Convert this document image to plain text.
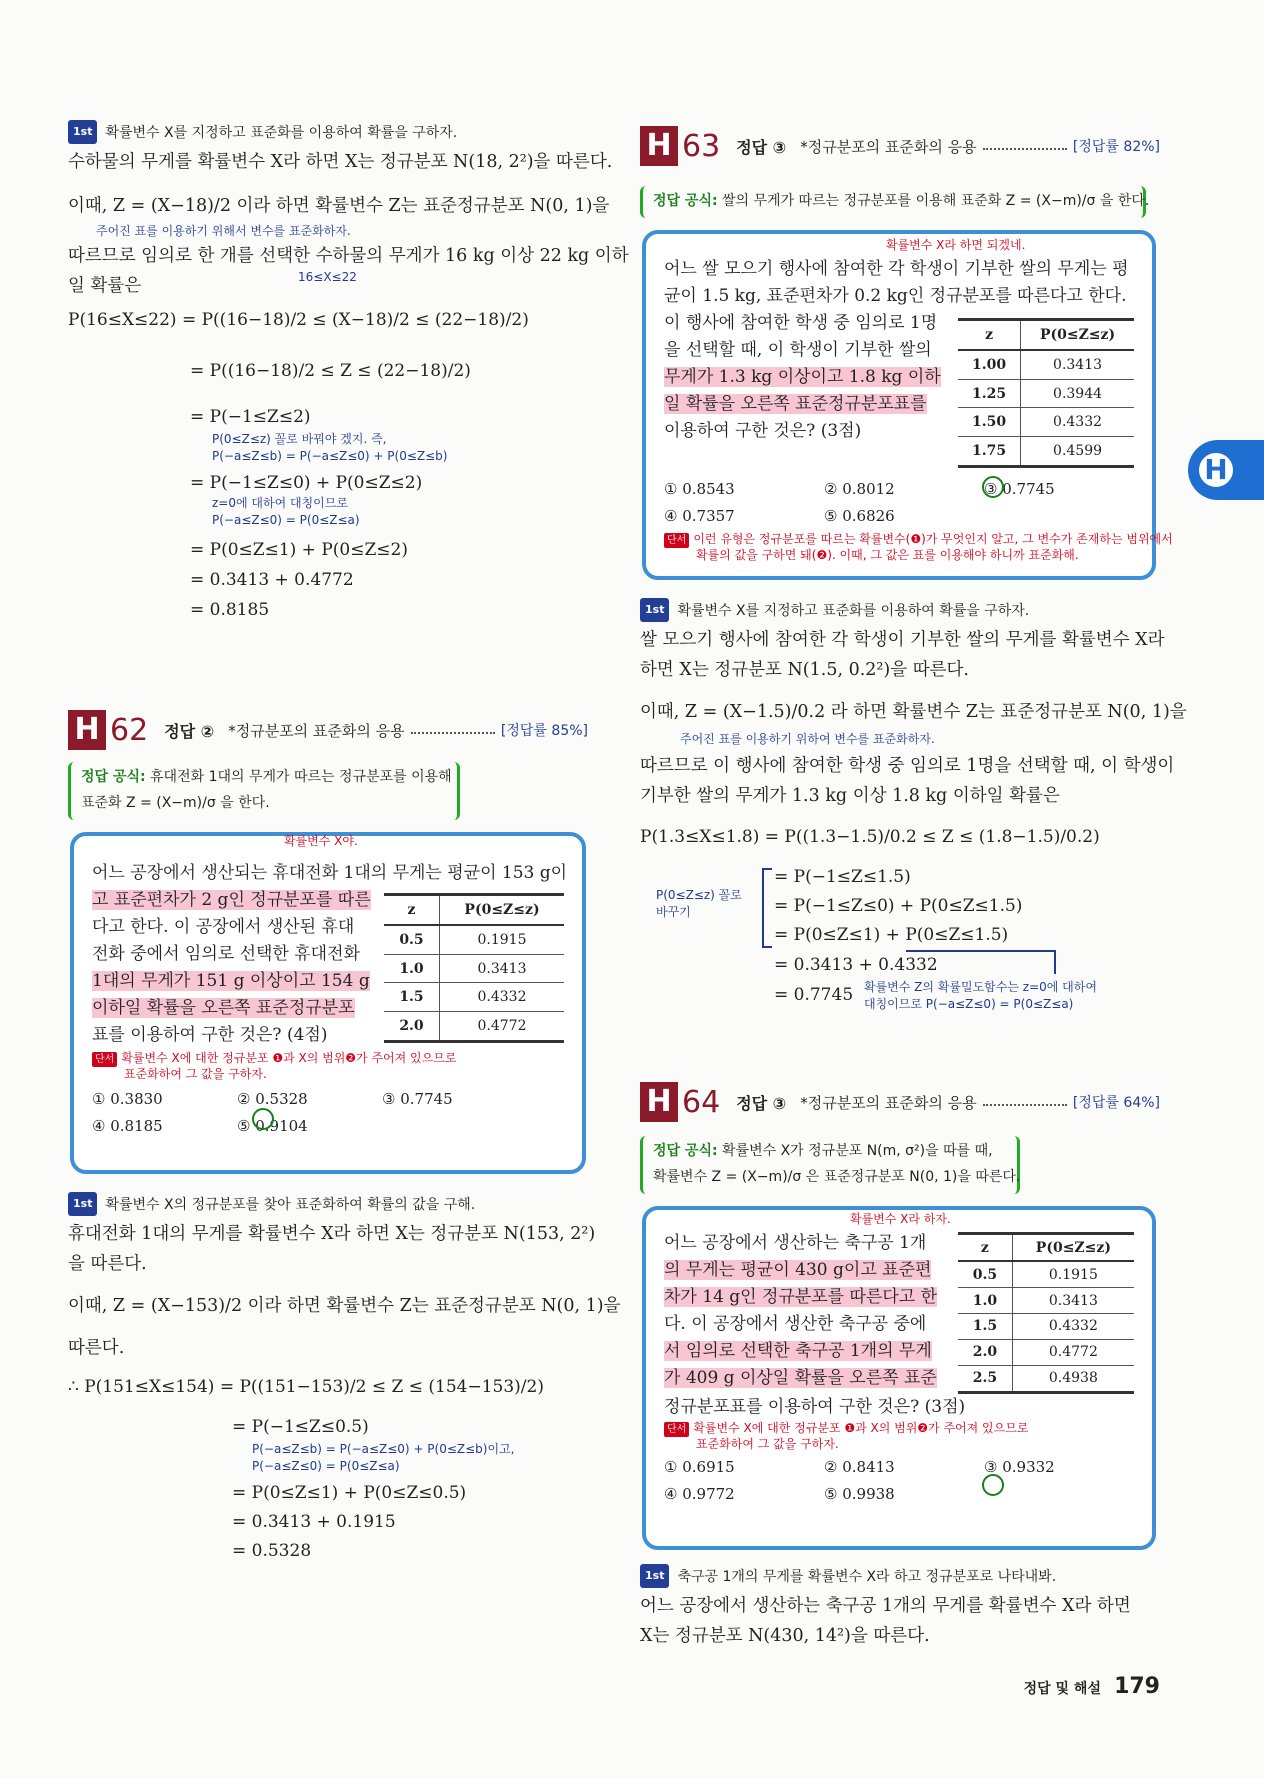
1st 확률변수 X를 지정하고 표준화를 이용하여 확률을 구하자.
수하물의 무게를 확률변수 X라 하면 X는 정규분포 N(18, 2²)을 따른다.
이때, Z = (X−18)/2 이라 하면 확률변수 Z는 표준정규분포 N(0, 1)을
주어진 표를 이용하기 위해서 변수를 표준화하자.
따르므로 임의로 한 개를 선택한 수하물의 무게가 16 kg 이상 22 kg 이하
16≤X≤22
일 확률은
P(16≤X≤22) = P((16−18)/2 ≤ (X−18)/2 ≤ (22−18)/2)
= P((16−18)/2 ≤ Z ≤ (22−18)/2)
= P(−1≤Z≤2)
P(0≤Z≤z) 꼴로 바꿔야 겠지. 즉,
P(−a≤Z≤b) = P(−a≤Z≤0) + P(0≤Z≤b)
= P(−1≤Z≤0) + P(0≤Z≤2)
z=0에 대하여 대칭이므로
P(−a≤Z≤0) = P(0≤Z≤a)
= P(0≤Z≤1) + P(0≤Z≤2)
= 0.3413 + 0.4772
= 0.8185
H 62 정답 ② *정규분포의 표준화의 응용	[정답률 85%]
정답 공식: 휴대전화 1대의 무게가 따르는 정규분포를 이용해
표준화 Z = (X−m)/σ 을 한다.
확률변수 X야.
어느 공장에서 생산되는 휴대전화 1대의 무게는 평균이 153 g이
고 표준편차가 2 g인 정규분포를 따른
다고 한다. 이 공장에서 생산된 휴대
전화 중에서 임의로 선택한 휴대전화
1대의 무게가 151 g 이상이고 154 g
이하일 확률을 오른쪽 표준정규분포
표를 이용하여 구한 것은? (4점)
z	P(0≤Z≤z)
0.5	0.1915
1.0	0.3413
1.5	0.4332
2.0	0.4772
단서 확률변수 X에 대한 정규분포 ❶과 X의 범위❷가 주어져 있으므로
표준화하여 그 값을 구하자.
① 0.3830	② 0.5328	③ 0.7745
④ 0.8185	⑤ 0.9104
1st 확률변수 X의 정규분포를 찾아 표준화하여 확률의 값을 구해.
휴대전화 1대의 무게를 확률변수 X라 하면 X는 정규분포 N(153, 2²)
을 따른다.
이때, Z = (X−153)/2 이라 하면 확률변수 Z는 표준정규분포 N(0, 1)을
따른다.
∴ P(151≤X≤154) = P((151−153)/2 ≤ Z ≤ (154−153)/2)
= P(−1≤Z≤0.5)
P(−a≤Z≤b) = P(−a≤Z≤0) + P(0≤Z≤b)이고,
P(−a≤Z≤0) = P(0≤Z≤a)
= P(0≤Z≤1) + P(0≤Z≤0.5)
= 0.3413 + 0.1915
= 0.5328
H 63 정답 ③ *정규분포의 표준화의 응용	[정답률 82%]
정답 공식: 쌀의 무게가 따르는 정규분포를 이용해 표준화 Z = (X−m)/σ 을 한다.
확률변수 X라 하면 되겠네.
어느 쌀 모으기 행사에 참여한 각 학생이 기부한 쌀의 무게는 평
균이 1.5 kg, 표준편차가 0.2 kg인 정규분포를 따른다고 한다.
이 행사에 참여한 학생 중 임의로 1명
을 선택할 때, 이 학생이 기부한 쌀의
무게가 1.3 kg 이상이고 1.8 kg 이하
일 확률을 오른쪽 표준정규분포표를
이용하여 구한 것은? (3점)
z	P(0≤Z≤z)
1.00	0.3413
1.25	0.3944
1.50	0.4332
1.75	0.4599
① 0.8543	② 0.8012	③ 0.7745
④ 0.7357	⑤ 0.6826
단서 이런 유형은 정규분포를 따르는 확률변수(❶)가 무엇인지 알고, 그 변수가 존재하는 범위에서
확률의 값을 구하면 돼(❷). 이때, 그 값은 표를 이용해야 하니까 표준화해.
1st 확률변수 X를 지정하고 표준화를 이용하여 확률을 구하자.
쌀 모으기 행사에 참여한 각 학생이 기부한 쌀의 무게를 확률변수 X라
하면 X는 정규분포 N(1.5, 0.2²)을 따른다.
이때, Z = (X−1.5)/0.2 라 하면 확률변수 Z는 표준정규분포 N(0, 1)을
주어진 표를 이용하기 위하여 변수를 표준화하자.
따르므로 이 행사에 참여한 학생 중 임의로 1명을 선택할 때, 이 학생이
기부한 쌀의 무게가 1.3 kg 이상 1.8 kg 이하일 확률은
P(1.3≤X≤1.8) = P((1.3−1.5)/0.2 ≤ Z ≤ (1.8−1.5)/0.2)
P(0≤Z≤z) 꼴로
바꾸기
= P(−1≤Z≤1.5)
= P(−1≤Z≤0) + P(0≤Z≤1.5)
= P(0≤Z≤1) + P(0≤Z≤1.5)
= 0.3413 + 0.4332
= 0.7745 확률변수 Z의 확률밀도함수는 z=0에 대하여
대칭이므로 P(−a≤Z≤0) = P(0≤Z≤a)
H 64 정답 ③ *정규분포의 표준화의 응용	[정답률 64%]
정답 공식: 확률변수 X가 정규분포 N(m, σ²)을 따를 때,
확률변수 Z = (X−m)/σ 은 표준정규분포 N(0, 1)을 따른다.
확률변수 X라 하자.
어느 공장에서 생산하는 축구공 1개
의 무게는 평균이 430 g이고 표준편
차가 14 g인 정규분포를 따른다고 한
다. 이 공장에서 생산한 축구공 중에
서 임의로 선택한 축구공 1개의 무게
가 409 g 이상일 확률을 오른쪽 표준
z	P(0≤Z≤z)
0.5	0.1915
1.0	0.3413
1.5	0.4332
2.0	0.4772
2.5	0.4938
정규분포표를 이용하여 구한 것은? (3점)
단서 확률변수 X에 대한 정규분포 ❶과 X의 범위❷가 주어져 있으므로
표준화하여 그 값을 구하자.
① 0.6915	② 0.8413	③ 0.9332
④ 0.9772	⑤ 0.9938
1st 축구공 1개의 무게를 확률변수 X라 하고 정규분포로 나타내봐.
어느 공장에서 생산하는 축구공 1개의 무게를 확률변수 X라 하면
X는 정규분포 N(430, 14²)을 따른다.
H
정답 및 해설 179
